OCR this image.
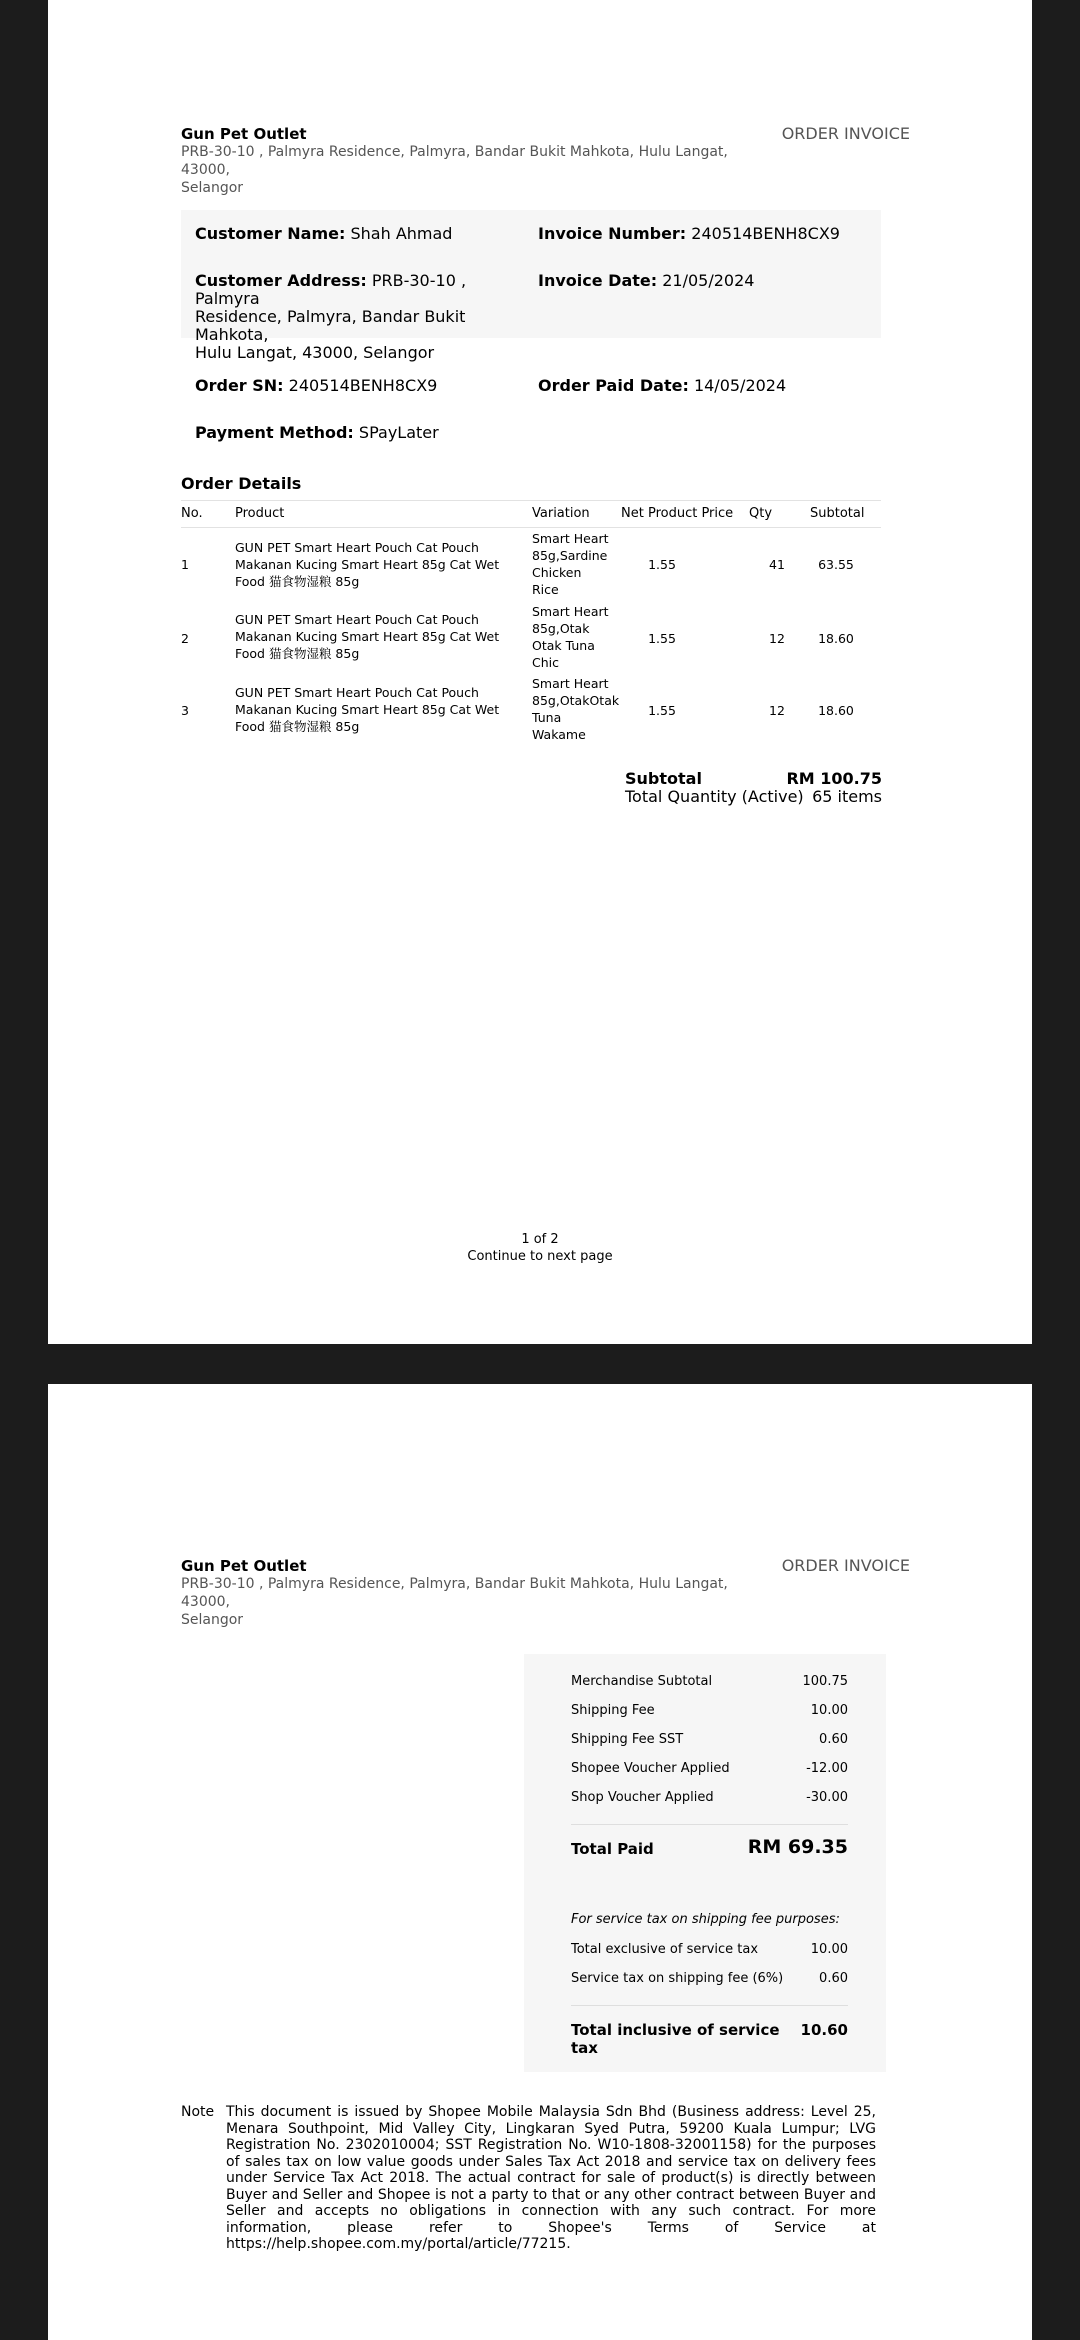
Gun Pet Outlet
PRB-30-10 , Palmyra Residence, Palmyra, Bandar Bukit Mahkota, Hulu Langat, 43000,
Selangor
ORDER INVOICE
Customer Name: Shah Ahmad	Invoice Number: 240514BENH8CX9
Customer Address: PRB-30-10 , Palmyra
Residence, Palmyra, Bandar Bukit Mahkota,
Hulu Langat, 43000, Selangor
Invoice Date: 21/05/2024
Order SN: 240514BENH8CX9	Order Paid Date: 14/05/2024
Payment Method: SPayLater
Order Details
No. Product	Variation Net Product Price Qty	Subtotal
1
GUN PET Smart Heart Pouch Cat Pouch
Makanan Kucing Smart Heart 85g Cat Wet
Food 猫食物湿粮 85g
Smart Heart
85g,Sardine
Chicken
Rice
1.55	41	63.55
2
GUN PET Smart Heart Pouch Cat Pouch
Makanan Kucing Smart Heart 85g Cat Wet
Food 猫食物湿粮 85g
Smart Heart
85g,Otak
Otak Tuna
Chic
1.55	12	18.60
3
GUN PET Smart Heart Pouch Cat Pouch
Makanan Kucing Smart Heart 85g Cat Wet
Food 猫食物湿粮 85g
Smart Heart
85g,OtakOtak
Tuna
Wakame
1.55	12	18.60
Subtotal	RM 100.75
Total Quantity (Active) 65 items
1 of 2
Continue to next page
Gun Pet Outlet
PRB-30-10 , Palmyra Residence, Palmyra, Bandar Bukit Mahkota, Hulu Langat, 43000,
Selangor
ORDER INVOICE
Merchandise Subtotal	100.75
Shipping Fee	10.00
Shipping Fee SST	0.60
Shopee Voucher Applied	-12.00
Shop Voucher Applied	-30.00
Total Paid	RM 69.35
For service tax on shipping fee purposes:
Total exclusive of service tax	10.00
Service tax on shipping fee (6%)	0.60
Total inclusive of service
tax
10.60
Note This document is issued by Shopee Mobile Malaysia Sdn Bhd (Business address: Level 25, Menara Southpoint, Mid Valley City, Lingkaran Syed Putra, 59200 Kuala Lumpur; LVG Registration No. 2302010004; SST Registration No. W10-1808-32001158) for the purposes of sales tax on low value goods under Sales Tax Act 2018 and service tax on delivery fees under Service Tax Act 2018. The actual contract for sale of product(s) is directly between Buyer and Seller and Shopee is not a party to that or any other contract between Buyer and Seller and accepts no obligations in connection with any such contract. For more information, please refer to Shopee's Terms of Service at https://help.shopee.com.my/portal/article/77215.
